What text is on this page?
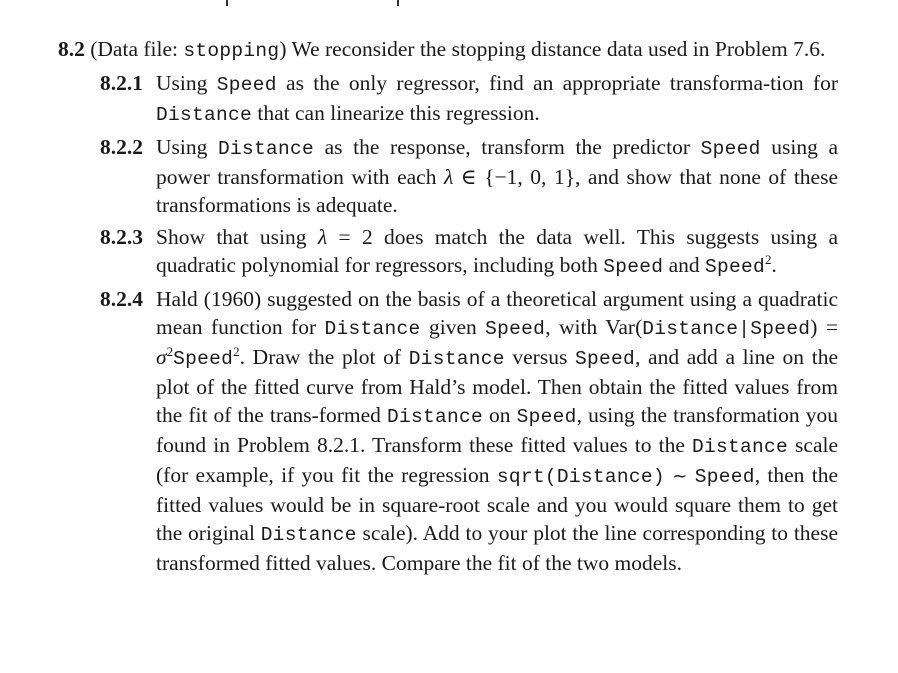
8.2 (Data file: stopping) We reconsider the stopping distance data used in Problem 7.6.

8.2.1 Using Speed as the only regressor, find an appropriate transforma-tion for Distance that can linearize this regression.
8.2.2 Using Distance as the response, transform the predictor Speed using a power transformation with each λ ∈ {−1, 0, 1}, and show that none of these transformations is adequate.
8.2.3 Show that using λ = 2 does match the data well. This suggests using a quadratic polynomial for regressors, including both Speed and Speed$^2$.
8.2.4 Hald (1960) suggested on the basis of a theoretical argument using a quadratic mean function for Distance given Speed, with Var(Distance|Speed) = $\sigma^2Speed^2$. Draw the plot of Distance versus Speed, and add a line on the plot of the fitted curve from Hald’s model. Then obtain the fitted values from the fit of the trans-formed Distance on Speed, using the transformation you found in Problem 8.2.1. Transform these fitted values to the Distance scale (for example, if you fit the regression sqrt(Distance) ~ Speed, then the fitted values would be in square-root scale and you would square them to get the original Distance scale). Add to your plot the line corresponding to these transformed fitted values. Compare the fit of the two models.
